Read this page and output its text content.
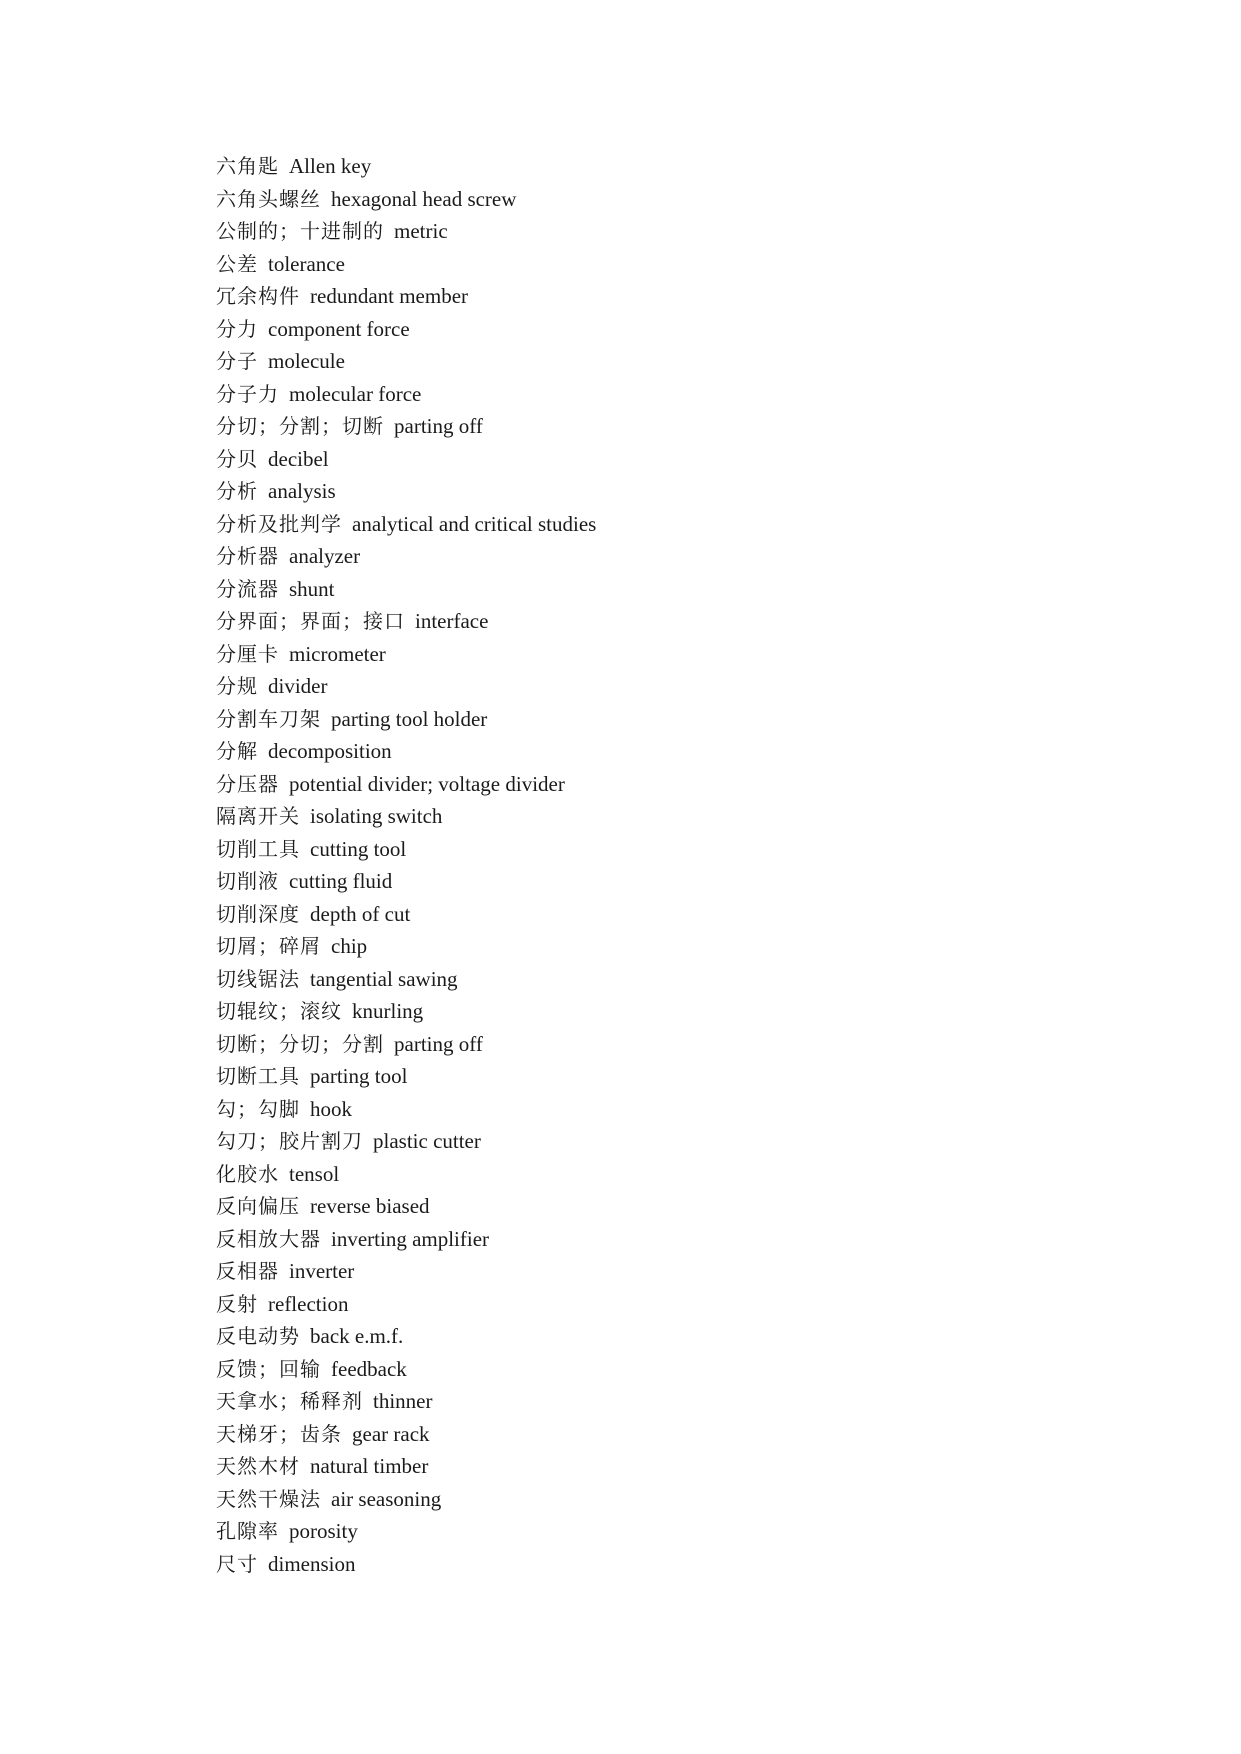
六角匙 Allen key
六角头螺丝 hexagonal head screw
公制的；十进制的 metric
公差 tolerance
冗余构件 redundant member
分力 component force
分子 molecule
分子力 molecular force
分切；分割；切断 parting off
分贝 decibel
分析 analysis
分析及批判学 analytical and critical studies
分析器 analyzer
分流器 shunt
分界面；界面；接口 interface
分厘卡 micrometer
分规 divider
分割车刀架 parting tool holder
分解 decomposition
分压器 potential divider; voltage divider
隔离开关 isolating switch
切削工具 cutting tool
切削液 cutting fluid
切削深度 depth of cut
切屑；碎屑 chip
切线锯法 tangential sawing
切辊纹；滚纹 knurling
切断；分切；分割 parting off
切断工具 parting tool
勾；勾脚 hook
勾刀；胶片割刀 plastic cutter
化胶水 tensol
反向偏压 reverse biased
反相放大器 inverting amplifier
反相器 inverter
反射 reflection
反电动势 back e.m.f.
反馈；回输 feedback
天拿水；稀释剂 thinner
天梯牙；齿条 gear rack
天然木材 natural timber
天然干燥法 air seasoning
孔隙率 porosity
尺寸 dimension
